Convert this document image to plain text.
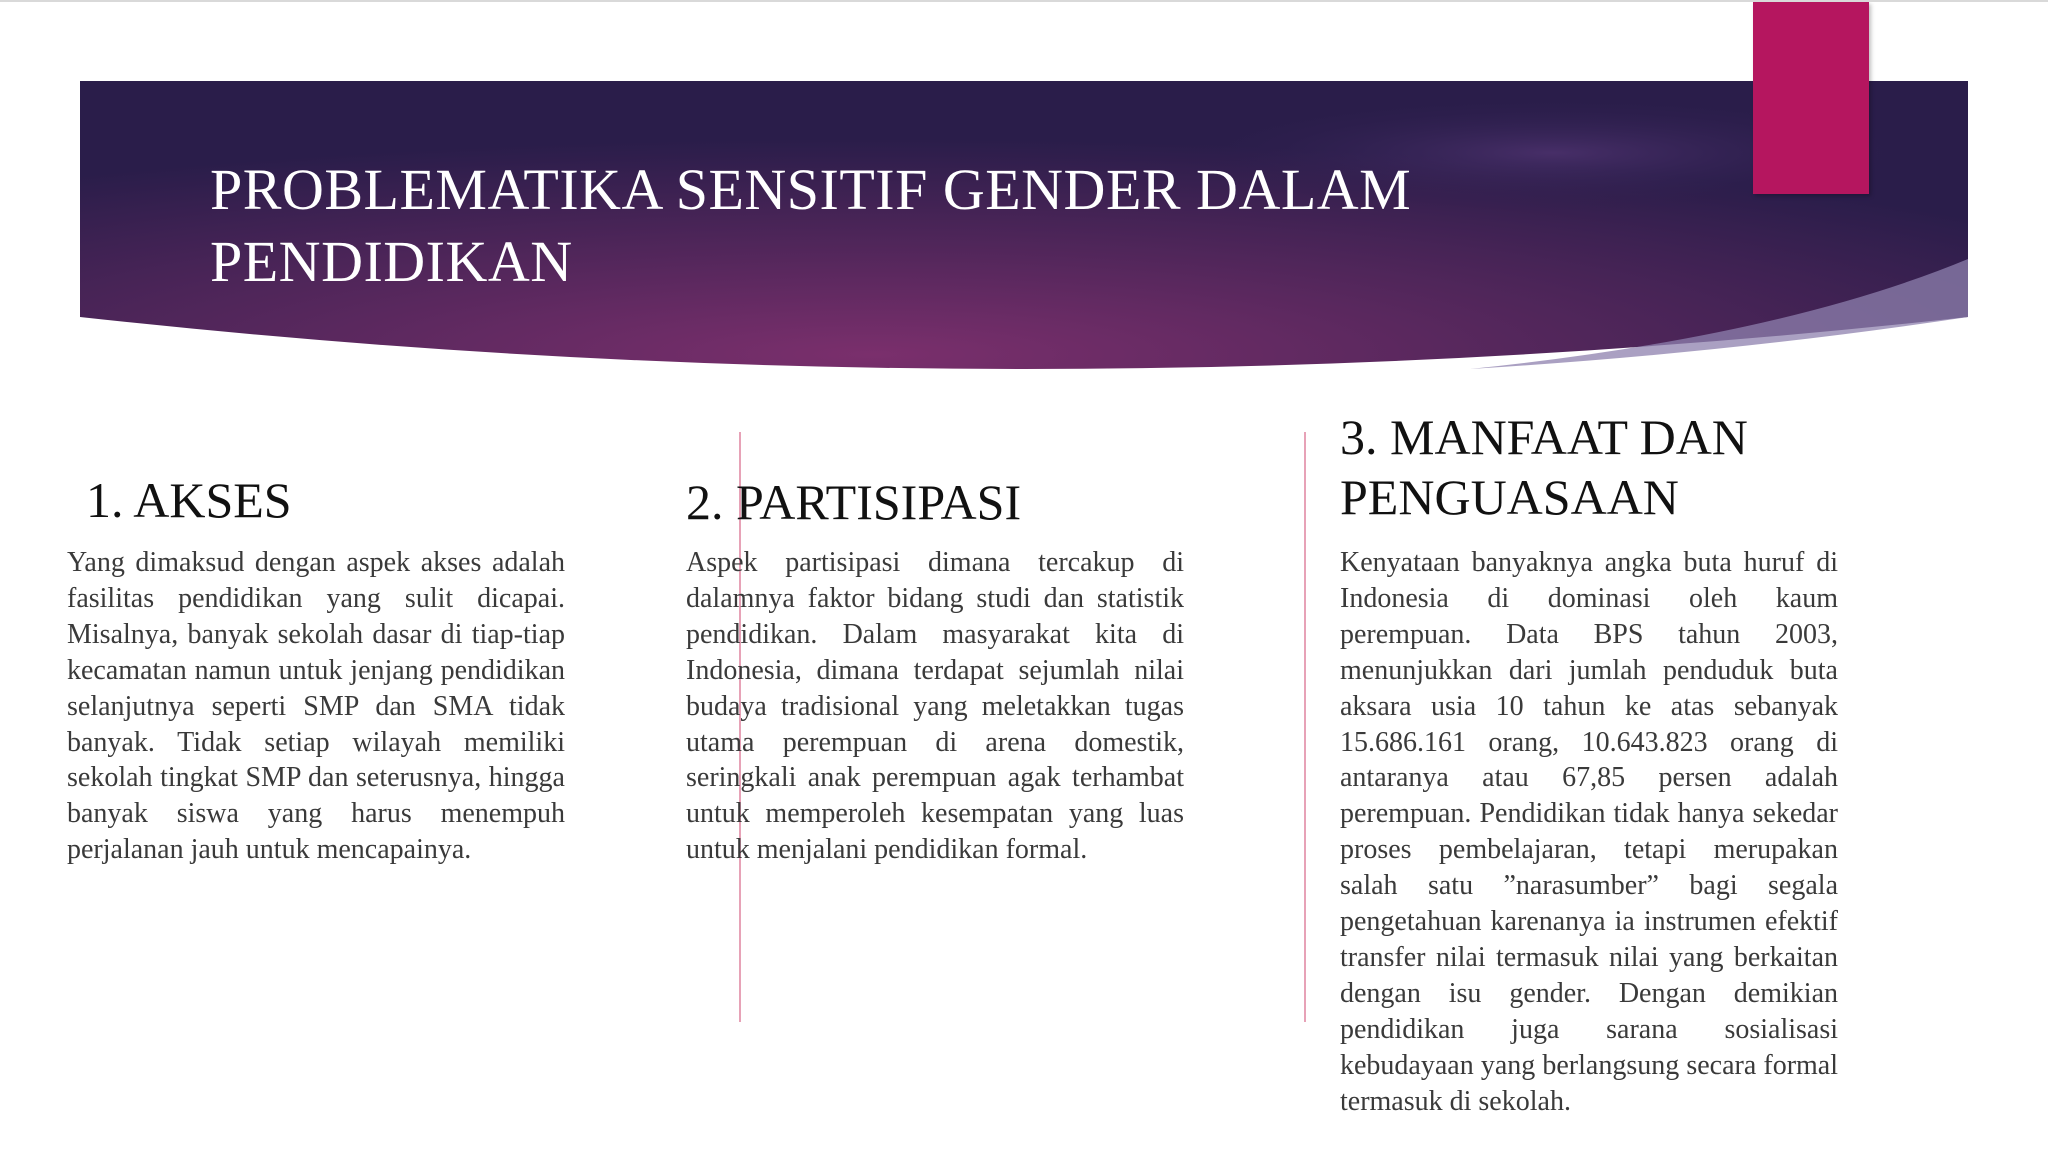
PROBLEMATIKA SENSITIF GENDER DALAM PENDIDIKAN
1. AKSES

Yang dimaksud dengan aspek akses adalah fasilitas pendidikan yang sulit dicapai. Misalnya, banyak sekolah dasar di tiap-tiap kecamatan namun untuk jenjang pendidikan selanjutnya seperti SMP dan SMA tidak banyak. Tidak setiap wilayah memiliki sekolah tingkat SMP dan seterusnya, hingga banyak siswa yang harus menempuh perjalanan jauh untuk mencapainya.

2. PARTISIPASI

Aspek partisipasi dimana tercakup di dalamnya faktor bidang studi dan statistik pendidikan. Dalam masyarakat kita di Indonesia, dimana terdapat sejumlah nilai budaya tradisional yang meletakkan tugas utama perempuan di arena domestik, seringkali anak perempuan agak terhambat untuk memperoleh kesempatan yang luas untuk menjalani pendidikan formal.

3. MANFAAT DAN PENGUASAAN

Kenyataan banyaknya angka buta huruf di Indonesia di dominasi oleh kaum perempuan. Data BPS tahun 2003, menunjukkan dari jumlah penduduk buta aksara usia 10 tahun ke atas sebanyak 15.686.161 orang, 10.643.823 orang di antaranya atau 67,85 persen adalah perempuan. Pendidikan tidak hanya sekedar proses pembelajaran, tetapi merupakan salah satu ”narasumber” bagi segala pengetahuan karenanya ia instrumen efektif transfer nilai termasuk nilai yang berkaitan dengan isu gender. Dengan demikian pendidikan juga sarana sosialisasi kebudayaan yang berlangsung secara formal termasuk di sekolah.
